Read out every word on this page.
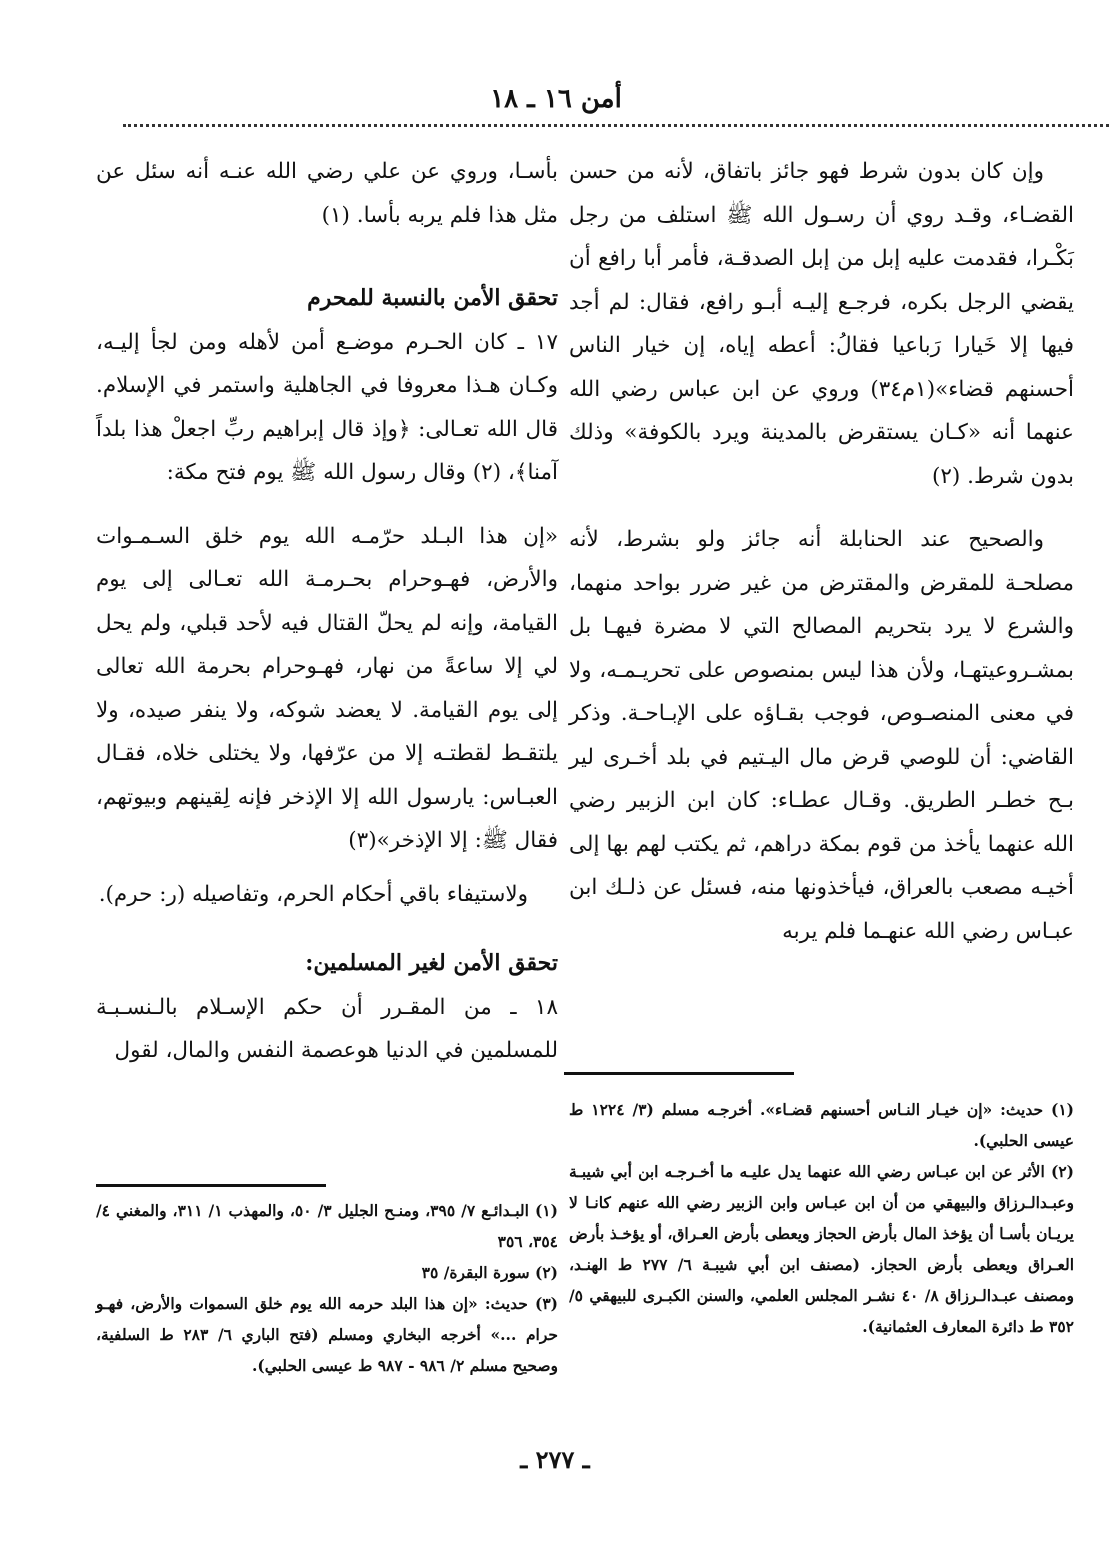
أمن ١٦ ـ ١٨

وإن كان بدون شرط فهو جائز باتفاق، لأنه من حسن القضـاء، وقـد روي أن رسـول الله ﷺ استلف من رجل بَكْـرا، فقدمت عليه إبل من إبل الصدقـة، فأمر أبا رافع أن يقضي الرجل بكره، فرجـع إليـه أبـو رافع، فقال: لم أجد فيها إلا خَيارا رَباعيا فقالُ: أعطه إياه، إن خيار الناس أحسنهم قضاء»(١م٣٤) وروي عن ابن عباس رضي الله عنهما أنه «كـان يستقرض بالمدينة ويرد بالكوفة» وذلك بدون شرط. (٢)

والصحيح عند الحنابلة أنه جائز ولو بشرط، لأنه مصلحـة للمقرض والمقترض من غير ضرر بواحد منهما، والشرع لا يرد بتحريم المصالح التي لا مضرة فيهـا بل بمشـروعيتهـا، ولأن هذا ليس بمنصوص على تحريـمـه، ولا في معنى المنصـوص، فوجب بقـاؤه على الإبـاحـة. وذكر القاضي: أن للوصي قرض مال اليـتيم في بلد أخـرى لير بـح خطـر الطريق. وقـال عطـاء: كان ابن الزبير رضي الله عنهما يأخذ من قوم بمكة دراهم، ثم يكتب لهم بها إلى أخيـه مصعب بالعراق، فيأخذونها منه، فسئل عن ذلـك ابن عبـاس رضي الله عنهـما فلم يربه

(١) حديث: «إن خيـار النـاس أحسنهم قضـاء». أخرجـه مسلم (٣/ ١٢٢٤ ط عيسى الحلبي).

(٢) الأثر عن ابن عبـاس رضي الله عنهما يدل عليـه ما أخـرجـه ابن أبي شيبـة وعبـدالـرزاق والبيهقي من أن ابن عبـاس وابن الزبير رضي الله عنهم كانـا لا يريـان بأسـا أن يؤخذ المال بأرض الحجاز ويعطى بأرض العـراق، أو يؤخـذ بأرض العـراق ويعطى بأرض الحجاز. (مصنف ابن أبي شيبـة ٦/ ٢٧٧ ط الهنـد، ومصنف عبـدالـرزاق ٨/ ٤٠ نشـر المجلس العلمي، والسنن الكبـرى للبيهقي ٥/ ٣٥٢ ط دائرة المعارف العثمانية).

بأسـا، وروي عن علي رضي الله عنـه أنه سئل عن مثل هذا فلم يربه بأسا. (١)

تحقق الأمن بالنسبة للمحرم

١٧ ـ كان الحـرم موضـع أمن لأهله ومن لجأ إليـه، وكـان هـذا معروفا في الجاهلية واستمر في الإسلام. قال الله تعـالى: ﴿وإذ قال إبراهيم ربِّ اجعلْ هذا بلداً آمنا﴾، (٢) وقال رسول الله ﷺ يوم فتح مكة:

«إن هذا البـلد حرّمـه الله يوم خلق السـمـوات والأرض، فهـوحرام بحـرمـة الله تعـالى إلى يوم القيامة، وإنه لم يحلّ القتال فيه لأحد قبلي، ولم يحل لي إلا ساعةً من نهار، فهـوحرام بحرمة الله تعالى إلى يوم القيامة. لا يعضد شوكه، ولا ينفر صيده، ولا يلتقـط لقطتـه إلا من عرّفها، ولا يختلى خلاه، فقـال العبـاس: يارسول الله إلا الإذخر فإنه لِقينهم وبيوتهم، فقال ﷺ: إلا الإذخر»(٣)

ولاستيفاء باقي أحكام الحرم، وتفاصيله (ر: حرم).

تحقق الأمن لغير المسلمين:

١٨ ـ من المقـرر أن حكم الإسـلام بالـنسـبـة للمسلمين في الدنيا هوعصمة النفس والمال، لقول

(١) البـدائـع ٧/ ٣٩٥، ومنـح الجليل ٣/ ٥٠، والمهذب ١/ ٣١١، والمغني ٤/ ٣٥٤، ٣٥٦

(٢) سورة البقرة/ ٣٥

(٣) حديث: «إن هذا البلد حرمه الله يوم خلق السموات والأرض، فهـو حرام ...» أخرجه البخاري ومسلم (فتح الباري ٦/ ٢٨٣ ط السلفية، وصحيح مسلم ٢/ ٩٨٦ - ٩٨٧ ط عيسى الحلبي).

ـ ٢٧٧ ـ
